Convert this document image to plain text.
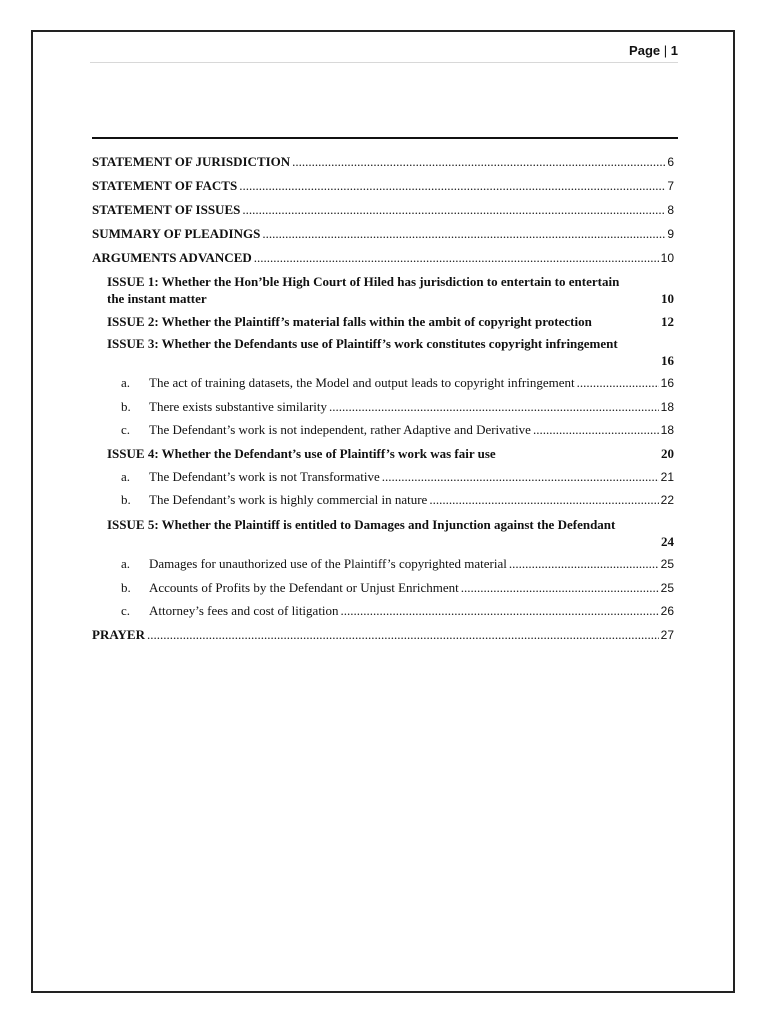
Page | 1
STATEMENT OF JURISDICTION .....	6
STATEMENT OF FACTS .....	7
STATEMENT OF ISSUES .....	8
SUMMARY OF PLEADINGS .....	9
ARGUMENTS ADVANCED .....	10
ISSUE 1: Whether the Hon’ble High Court of Hiled has jurisdiction to entertain to entertain
the instant matter	10
ISSUE 2: Whether the Plaintiff’s material falls within the ambit of copyright protection	12
ISSUE 3: Whether the Defendants use of Plaintiff’s work constitutes copyright infringement
16
a.	The act of training datasets, the Model and output leads to copyright infringement .....	16
b.	There exists substantive similarity .....	18
c.	The Defendant’s work is not independent, rather Adaptive and Derivative .....	18
ISSUE 4: Whether the Defendant’s use of Plaintiff’s work was fair use	20
a.	The Defendant’s work is not Transformative .....	21
b.	The Defendant’s work is highly commercial in nature .....	22
ISSUE 5: Whether the Plaintiff is entitled to Damages and Injunction against the Defendant
24
a.	Damages for unauthorized use of the Plaintiff’s copyrighted material .....	25
b.	Accounts of Profits by the Defendant or Unjust Enrichment .....	25
c.	Attorney’s fees and cost of litigation .....	26
PRAYER .....	27
